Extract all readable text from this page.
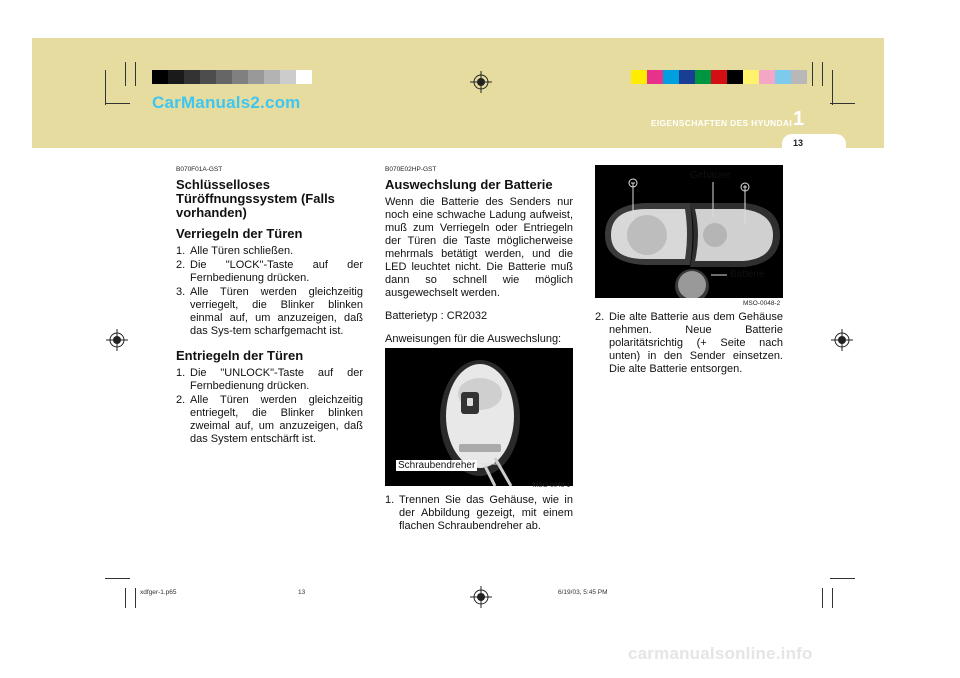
CarManuals2.com
1
EIGENSCHAFTEN DES HYUNDAI
13
B070F01A-GST
Schlüsselloses Türöffnungssystem (Falls vorhanden)
Verriegeln der Türen
1. Alle Türen schließen.
2. Die "LOCK"-Taste auf der Fernbedienung drücken.
3. Alle Türen werden gleichzeitig verriegelt, die Blinker blinken einmal auf, um anzuzeigen, daß das Sys-tem scharfgemacht ist.
Entriegeln der Türen
1. Die "UNLOCK"-Taste auf der Fernbedienung drücken.
2. Alle Türen werden gleichzeitig entriegelt, die Blinker blinken zweimal auf, um anzuzeigen, daß das System entschärft ist.
B070E02HP-GST
Auswechslung der Batterie
Wenn die Batterie des Senders nur noch eine schwache Ladung aufweist, muß zum Verriegeln oder Entriegeln der Türen die Taste möglicherweise mehrmals betätigt werden, und die LED leuchtet nicht. Die Batterie muß dann so schnell wie möglich ausgewechselt werden.
Batterietyp : CR2032
Anweisungen für die Auswechslung:
Schraubendreher
MSO-0048-1
1. Trennen Sie das Gehäuse, wie in der Abbildung gezeigt, mit einem flachen Schraubendreher ab.
Gehäuse
Batterie
MSO-0048-2
2. Die alte Batterie aus dem Gehäuse nehmen. Neue Batterie polaritätsrichtig (+ Seite nach unten) in den Sender einsetzen. Die alte Batterie entsorgen.
xdfger-1.p65	13	6/19/03, 5:45 PM
carmanualsonline.info
